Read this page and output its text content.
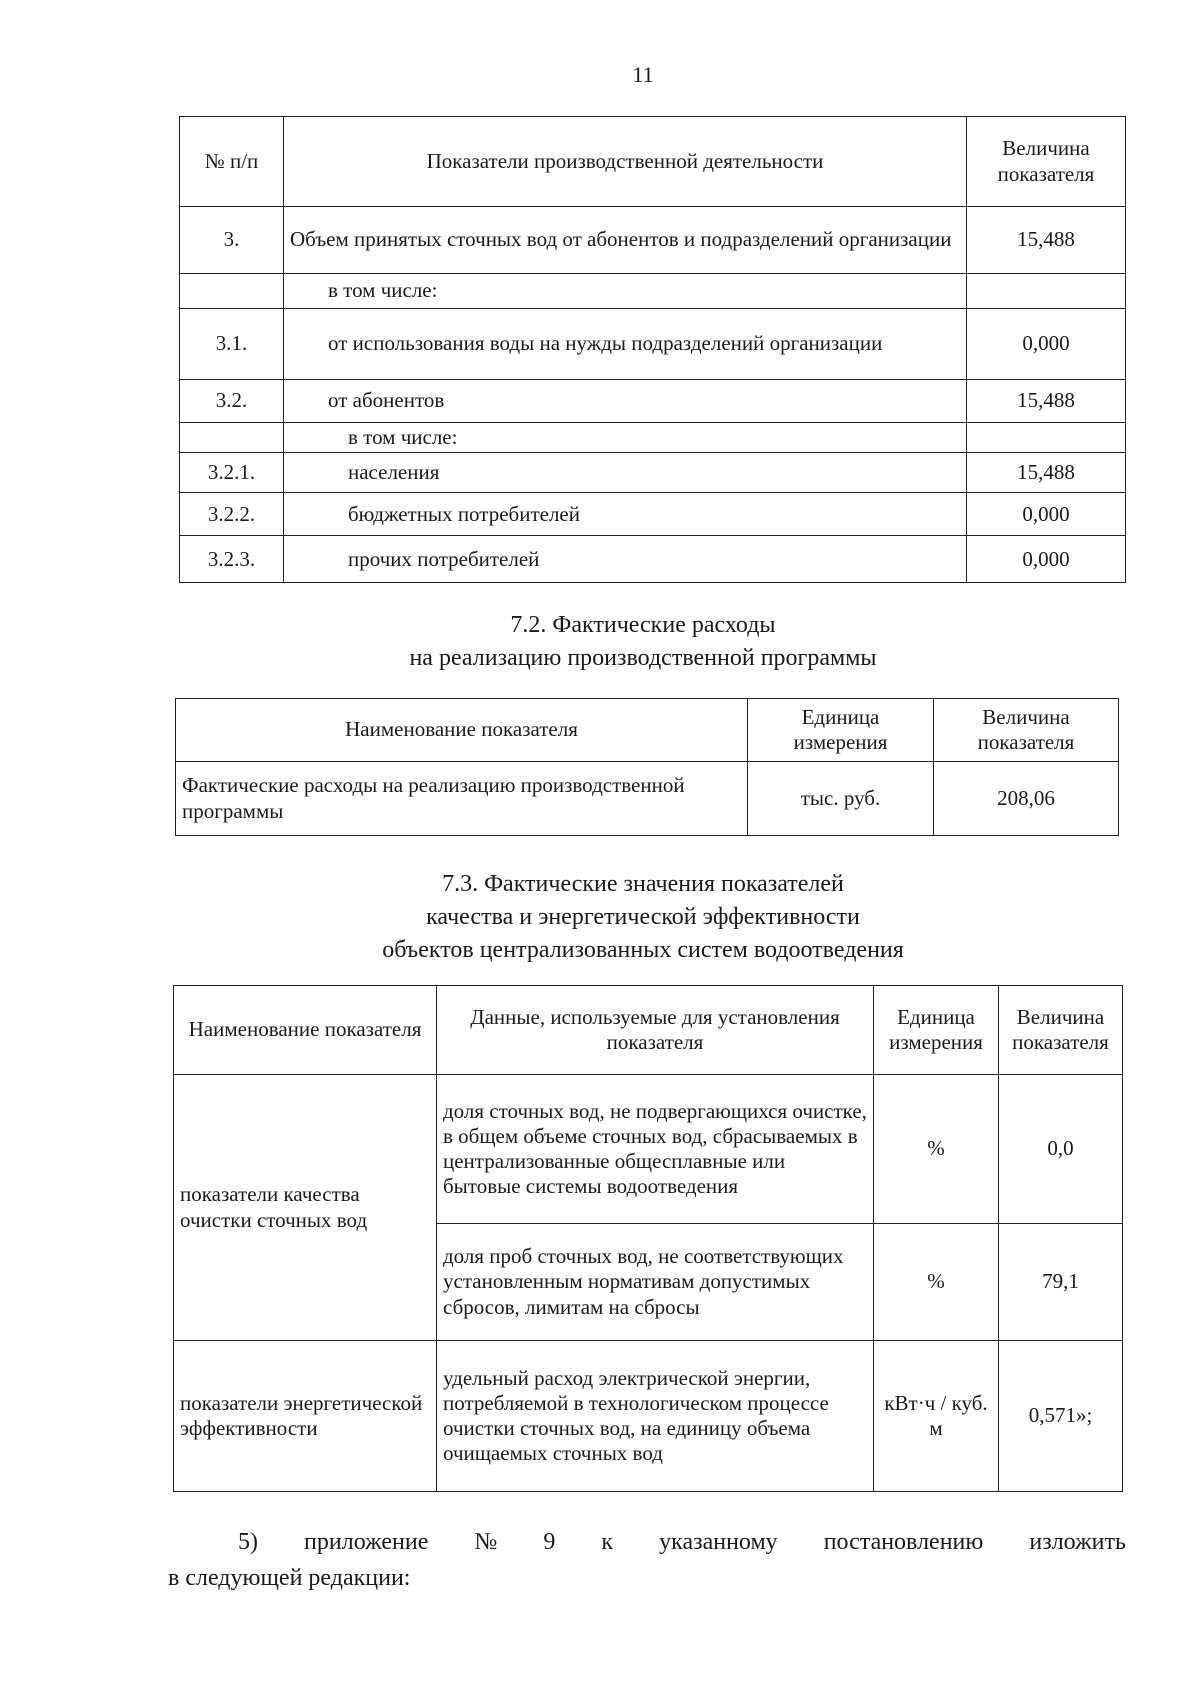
11
№ п/п	Показатели производственной деятельности	Величина показателя
3.	Объем принятых сточных вод от абонентов и подразделений организации	15,488
	в том числе:	
3.1.	от использования воды на нужды подразделений организации	0,000
3.2.	от абонентов	15,488
	в том числе:	
3.2.1.	населения	15,488
3.2.2.	бюджетных потребителей	0,000
3.2.3.	прочих потребителей	0,000
7.2. Фактические расходы
на реализацию производственной программы
Наименование показателя	Единица измерения	Величина показателя
Фактические расходы на реализацию производственной программы	тыс. руб.	208,06
7.3. Фактические значения показателей
качества и энергетической эффективности
объектов централизованных систем водоотведения
Наименование показателя	Данные, используемые для установления показателя	Единица измерения	Величина показателя
показатели качества очистки сточных вод	доля сточных вод, не подвергающихся очистке, в общем объеме сточных вод, сбрасываемых в централизованные общесплавные или бытовые системы водоотведения	%	0,0
	доля проб сточных вод, не соответствующих установленным нормативам допустимых сбросов, лимитам на сбросы	%	79,1
показатели энергетической эффективности	удельный расход электрической энергии, потребляемой в технологическом процессе очистки сточных вод, на единицу объема очищаемых сточных вод	кВт·ч / куб. м	0,571»;
5) приложение № 9 к указанному постановлению изложить
в следующей редакции:
